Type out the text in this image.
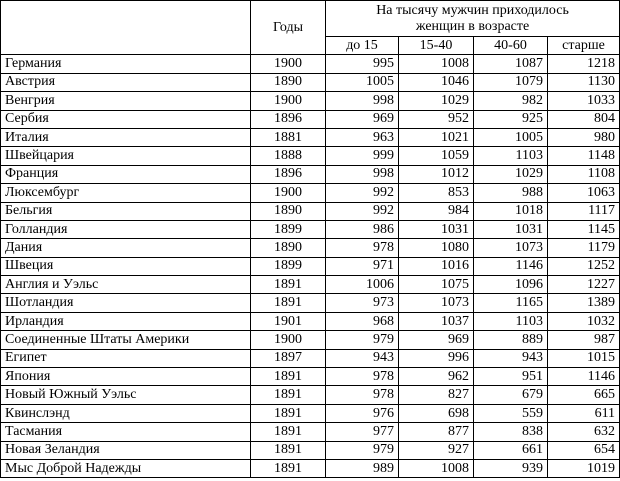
	Годы	На тысячу мужчин приходилось
женщин в возрасте			

		до 15	15-40	40-60	старше
Германия	1900	995	1008	1087	1218
Австрия	1890	1005	1046	1079	1130
Венгрия	1900	998	1029	982	1033
Сербия	1896	969	952	925	804
Италия	1881	963	1021	1005	980
Швейцария	1888	999	1059	1103	1148
Франция	1896	998	1012	1029	1108
Люксембург	1900	992	853	988	1063
Бельгия	1890	992	984	1018	1117
Голландия	1899	986	1031	1031	1145
Дания	1890	978	1080	1073	1179
Швеция	1899	971	1016	1146	1252
Англия и Уэльс	1891	1006	1075	1096	1227
Шотландия	1891	973	1073	1165	1389
Ирландия	1901	968	1037	1103	1032
Соединенные Штаты Америки	1900	979	969	889	987
Египет	1897	943	996	943	1015
Япония	1891	978	962	951	1146
Новый Южный Уэльс	1891	978	827	679	665
Квинслэнд	1891	976	698	559	611
Тасмания	1891	977	877	838	632
Новая Зеландия	1891	979	927	661	654
Мыс Доброй Надежды	1891	989	1008	939	1019
